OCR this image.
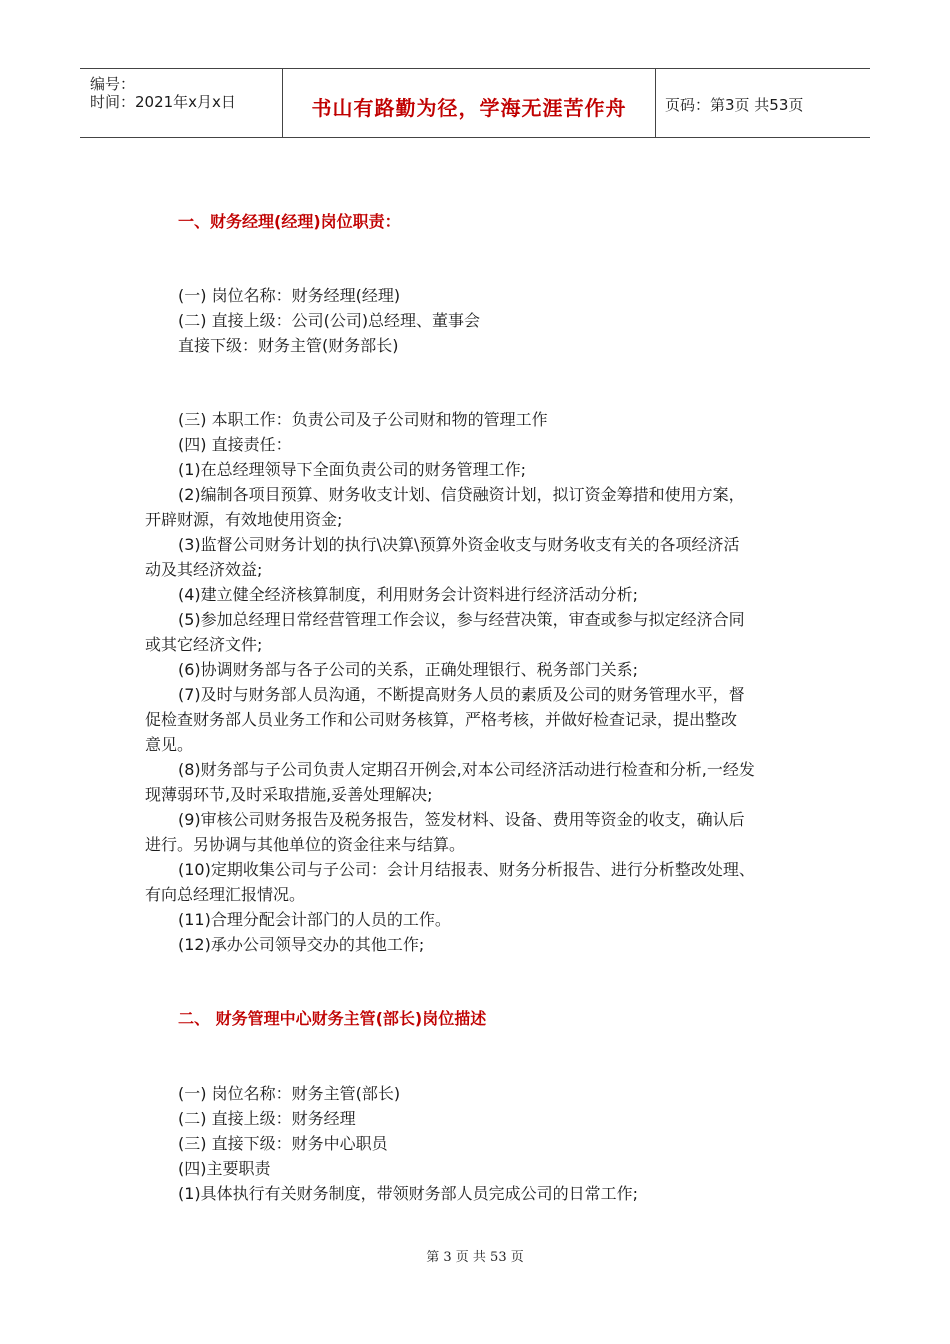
编号：
时间：2021年x月x日	书山有路勤为径，学海无涯苦作舟	页码：第3页 共53页
一、财务经理(经理)岗位职责：
(一) 岗位名称：财务经理(经理)
(二) 直接上级：公司(公司)总经理、董事会
直接下级：财务主管(财务部长)
(三) 本职工作：负责公司及子公司财和物的管理工作
(四) 直接责任：
(1)在总经理领导下全面负责公司的财务管理工作;
(2)编制各项目预算、财务收支计划、信贷融资计划，拟订资金筹措和使用方案，
开辟财源，有效地使用资金;
(3)监督公司财务计划的执行\决算\预算外资金收支与财务收支有关的各项经济活
动及其经济效益;
(4)建立健全经济核算制度，利用财务会计资料进行经济活动分析;
(5)参加总经理日常经营管理工作会议，参与经营决策，审查或参与拟定经济合同
或其它经济文件;
(6)协调财务部与各子公司的关系，正确处理银行、税务部门关系;
(7)及时与财务部人员沟通，不断提高财务人员的素质及公司的财务管理水平，督
促检查财务部人员业务工作和公司财务核算，严格考核，并做好检查记录，提出整改
意见。
(8)财务部与子公司负责人定期召开例会,对本公司经济活动进行检查和分析,一经发
现薄弱环节,及时采取措施,妥善处理解决;
(9)审核公司财务报告及税务报告，签发材料、设备、费用等资金的收支，确认后
进行。另协调与其他单位的资金往来与结算。
(10)定期收集公司与子公司：会计月结报表、财务分析报告、进行分析整改处理、
有向总经理汇报情况。
(11)合理分配会计部门的人员的工作。
(12)承办公司领导交办的其他工作;
二、 财务管理中心财务主管(部长)岗位描述
(一) 岗位名称：财务主管(部长)
(二) 直接上级：财务经理
(三) 直接下级：财务中心职员
(四)主要职责
(1)具体执行有关财务制度，带领财务部人员完成公司的日常工作;
第 3 页 共 53 页
